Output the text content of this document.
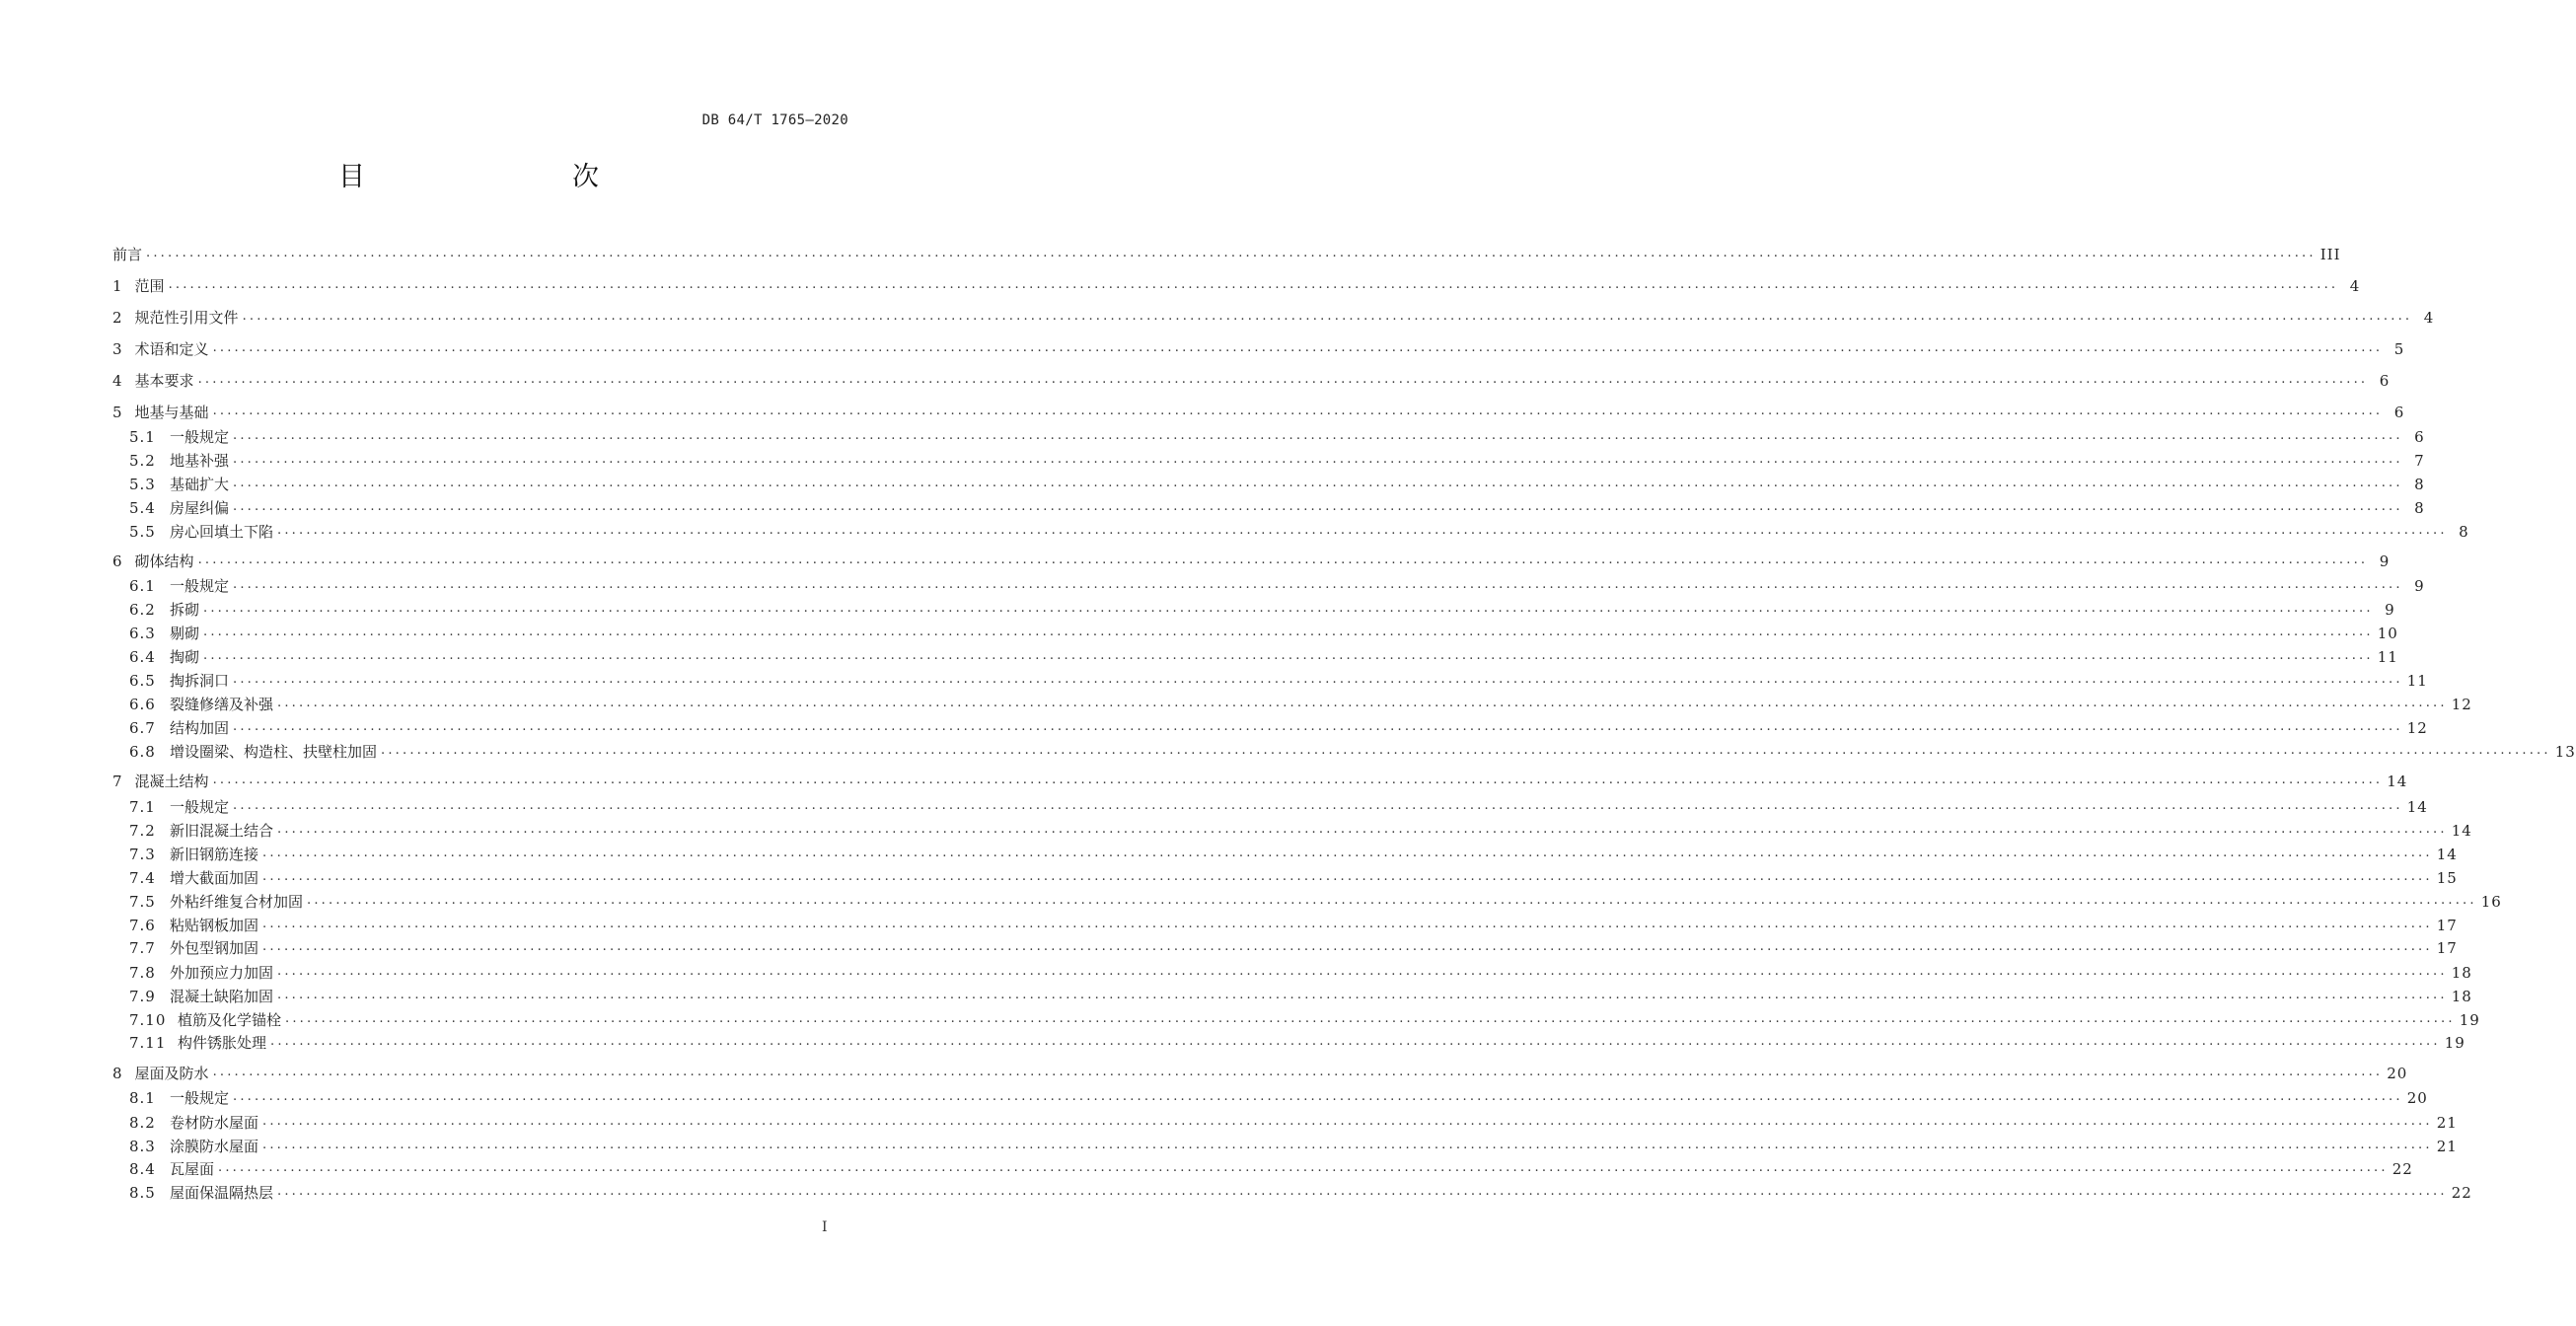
DB 64/T 1765—2020
目　　次
前言 ............................................................................................................................................................................................................................................................................................................ III
1 范围 ............................................................................................................................................................................................................................................................................................................ 4
2 规范性引用文件 ............................................................................................................................................................................................................................................................................................................ 4
3 术语和定义 ............................................................................................................................................................................................................................................................................................................ 5
4 基本要求 ............................................................................................................................................................................................................................................................................................................ 6
5 地基与基础 ............................................................................................................................................................................................................................................................................................................ 6
5.1 一般规定 ............................................................................................................................................................................................................................................................................................................ 6
5.2 地基补强 ............................................................................................................................................................................................................................................................................................................ 7
5.3 基础扩大 ............................................................................................................................................................................................................................................................................................................ 8
5.4 房屋纠偏 ............................................................................................................................................................................................................................................................................................................ 8
5.5 房心回填土下陷 ............................................................................................................................................................................................................................................................................................................ 8
6 砌体结构 ............................................................................................................................................................................................................................................................................................................ 9
6.1 一般规定 ............................................................................................................................................................................................................................................................................................................ 9
6.2 拆砌 ............................................................................................................................................................................................................................................................................................................ 9
6.3 剔砌 ............................................................................................................................................................................................................................................................................................................ 10
6.4 掏砌 ............................................................................................................................................................................................................................................................................................................ 11
6.5 掏拆洞口 ............................................................................................................................................................................................................................................................................................................ 11
6.6 裂缝修缮及补强 ............................................................................................................................................................................................................................................................................................................ 12
6.7 结构加固 ............................................................................................................................................................................................................................................................................................................ 12
6.8 增设圈梁、构造柱、扶壁柱加固 ............................................................................................................................................................................................................................................................................................................ 13
7 混凝土结构 ............................................................................................................................................................................................................................................................................................................ 14
7.1 一般规定 ............................................................................................................................................................................................................................................................................................................ 14
7.2 新旧混凝土结合 ............................................................................................................................................................................................................................................................................................................ 14
7.3 新旧钢筋连接 ............................................................................................................................................................................................................................................................................................................ 14
7.4 增大截面加固 ............................................................................................................................................................................................................................................................................................................ 15
7.5 外粘纤维复合材加固 ............................................................................................................................................................................................................................................................................................................ 16
7.6 粘贴钢板加固 ............................................................................................................................................................................................................................................................................................................ 17
7.7 外包型钢加固 ............................................................................................................................................................................................................................................................................................................ 17
7.8 外加预应力加固 ............................................................................................................................................................................................................................................................................................................ 18
7.9 混凝土缺陷加固 ............................................................................................................................................................................................................................................................................................................ 18
7.10 植筋及化学锚栓 ............................................................................................................................................................................................................................................................................................................ 19
7.11 构件锈胀处理 ............................................................................................................................................................................................................................................................................................................ 19
8 屋面及防水 ............................................................................................................................................................................................................................................................................................................ 20
8.1 一般规定 ............................................................................................................................................................................................................................................................................................................ 20
8.2 卷材防水屋面 ............................................................................................................................................................................................................................................................................................................ 21
8.3 涂膜防水屋面 ............................................................................................................................................................................................................................................................................................................ 21
8.4 瓦屋面 ............................................................................................................................................................................................................................................................................................................ 22
8.5 屋面保温隔热层 ............................................................................................................................................................................................................................................................................................................ 22
I
